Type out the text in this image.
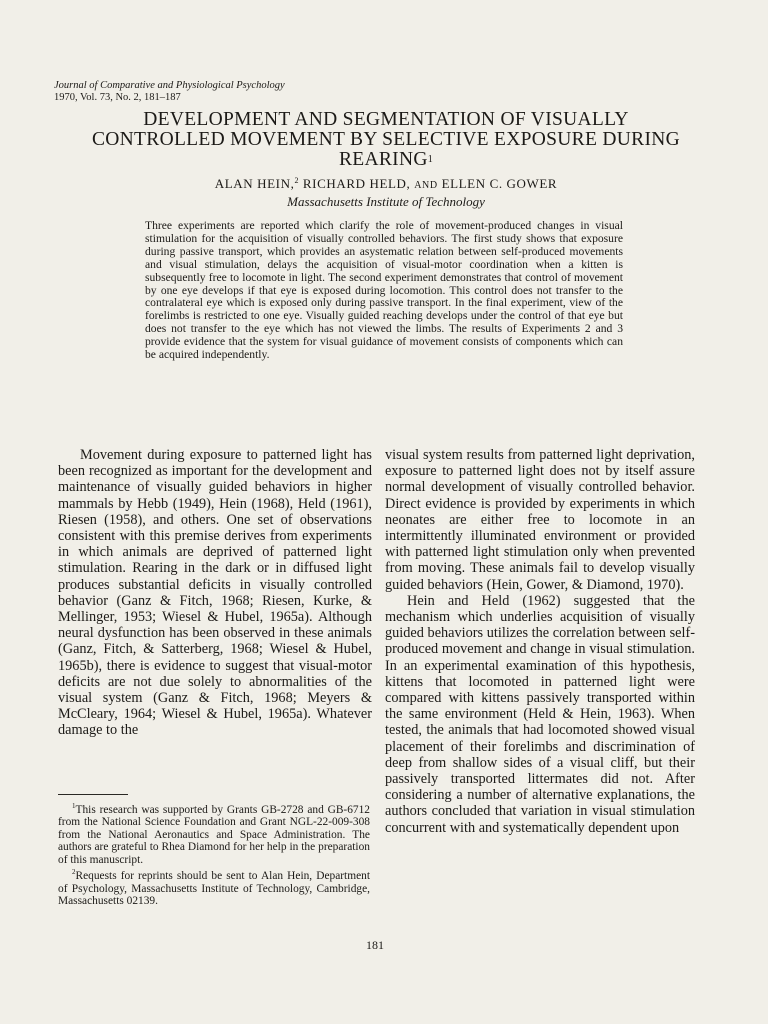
Journal of Comparative and Physiological Psychology
1970, Vol. 73, No. 2, 181–187
DEVELOPMENT AND SEGMENTATION OF VISUALLY CONTROLLED MOVEMENT BY SELECTIVE EXPOSURE DURING REARING$^1$
ALAN HEIN,$^2$ RICHARD HELD, AND ELLEN C. GOWER
Massachusetts Institute of Technology
Three experiments are reported which clarify the role of movement-produced changes in visual stimulation for the acquisition of visually controlled behaviors. The first study shows that exposure during passive transport, which provides an asystematic relation between self-produced movements and visual stimulation, delays the acquisition of visual-motor coordination when a kitten is subsequently free to locomote in light. The second experiment demonstrates that control of movement by one eye develops if that eye is exposed during locomotion. This control does not transfer to the contralateral eye which is exposed only during passive transport. In the final experiment, view of the forelimbs is restricted to one eye. Visually guided reaching develops under the control of that eye but does not transfer to the eye which has not viewed the limbs. The results of Experiments 2 and 3 provide evidence that the system for visual guidance of movement consists of components which can be acquired independently.

Movement during exposure to patterned light has been recognized as important for the development and maintenance of visually guided behaviors in higher mammals by Hebb (1949), Hein (1968), Held (1961), Riesen (1958), and others. One set of observations consistent with this premise derives from experiments in which animals are deprived of patterned light stimulation. Rearing in the dark or in diffused light produces substantial deficits in visually controlled behavior (Ganz & Fitch, 1968; Riesen, Kurke, & Mellinger, 1953; Wiesel & Hubel, 1965a). Although neural dysfunction has been observed in these animals (Ganz, Fitch, & Satterberg, 1968; Wiesel & Hubel, 1965b), there is evidence to suggest that visual-motor deficits are not due solely to abnormalities of the visual system (Ganz & Fitch, 1968; Meyers & McCleary, 1964; Wiesel & Hubel, 1965a). Whatever damage to the

visual system results from patterned light deprivation, exposure to patterned light does not by itself assure normal development of visually controlled behavior. Direct evidence is provided by experiments in which neonates are either free to locomote in an intermittently illuminated environment or provided with patterned light stimulation only when prevented from moving. These animals fail to develop visually guided behaviors (Hein, Gower, & Diamond, 1970).

Hein and Held (1962) suggested that the mechanism which underlies acquisition of visually guided behaviors utilizes the correlation between self-produced movement and change in visual stimulation. In an experimental examination of this hypothesis, kittens that locomoted in patterned light were compared with kittens passively transported within the same environment (Held & Hein, 1963). When tested, the animals that had locomoted showed visual placement of their forelimbs and discrimination of deep from shallow sides of a visual cliff, but their passively transported littermates did not. After considering a number of alternative explanations, the authors concluded that variation in visual stimulation concurrent with and systematically dependent upon

$^1$This research was supported by Grants GB-2728 and GB-6712 from the National Science Foundation and Grant NGL-22-009-308 from the National Aeronautics and Space Administration. The authors are grateful to Rhea Diamond for her help in the preparation of this manuscript.

$^2$Requests for reprints should be sent to Alan Hein, Department of Psychology, Massachusetts Institute of Technology, Cambridge, Massachusetts 02139.

181
